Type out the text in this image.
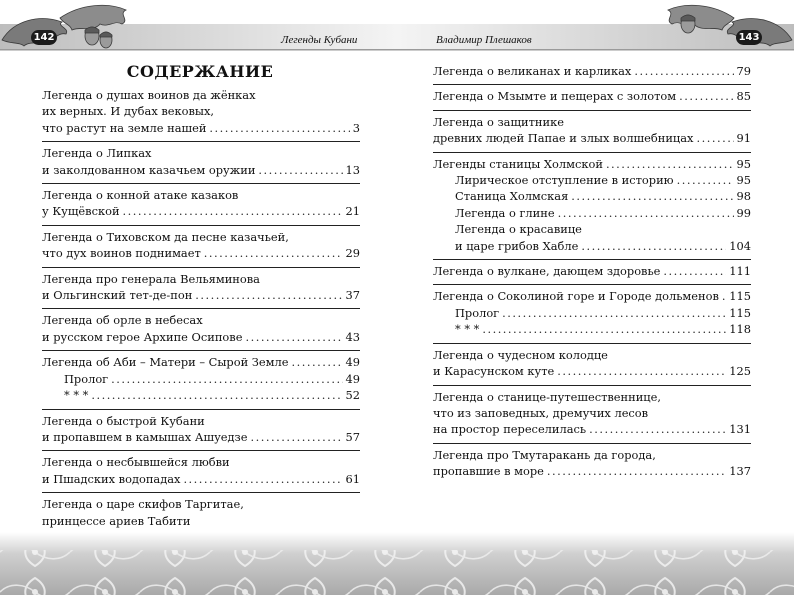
142	143
Легенды Кубани	Владимир Плешаков
СОДЕРЖАНИЕ
Легенда о душах воинов да жёнках
их верных. И дубах вековых,
что растут на земле нашей .....	3
Легенда о Липках
и заколдованном казачьем оружии .....	13
Легенда о конной атаке казаков
у Кущёвской .....	21
Легенда о Тиховском да песне казачьей,
что дух воинов поднимает .....	29
Легенда про генерала Вельяминова
и Ольгинский тет-де-пон .....	37
Легенда об орле в небесах
и русском герое Архипе Осипове .....	43
Легенда об Аби – Матери – Сырой Земле .....	49
Пролог .....	49
* * * .....	52
Легенда о быстрой Кубани
и пропавшем в камышах Ашуедзе .....	57
Легенда о несбывшейся любви
и Пшадских водопадах .....	61
Легенда о царе скифов Таргитае,
принцессе ариев Табити
.....
.....
Легенда о великанах и карликах .....	79
Легенда о Мзымте и пещерах с золотом .....	85
Легенда о защитнике
древних людей Папае и злых волшебницах .....	91
Легенды станицы Холмской .....	95
Лирическое отступление в историю .....	95
Станица Холмская .....	98
Легенда о глине .....	99
Легенда о красавице
и царе грибов Хабле .....	104
Легенда о вулкане, дающем здоровье .....	111
Легенда о Соколиной горе и Городе дольменов ..... 115
Пролог .....	115
* * * .....	118
Легенда о чудесном колодце
и Карасунском куте .....	125
Легенда о станице-путешественнице,
что из заповедных, дремучих лесов
на простор переселилась .....	131
Легенда про Тмутаракань да города,
пропавшие в море .....	137
